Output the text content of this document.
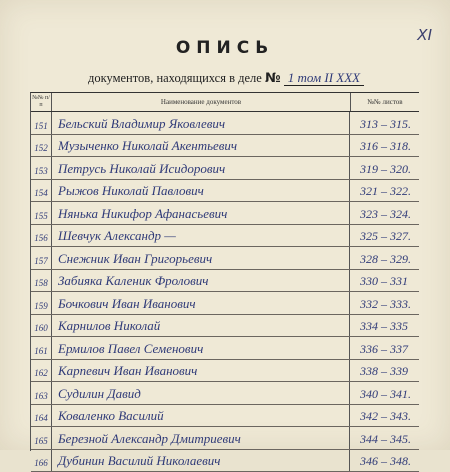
XI
ОПИСЬ
документов, находящихся в деле № 1 том II XXX
№№ п/п	Наименование документов	№№ листов
151 Бельский Владимир Яковлевич	313 – 315.
152 Музыченко Николай Акентьевич	316 – 318.
153 Петрусь Николай Исидорович	319 – 320.
154 Рыжов Николай Павлович	321 – 322.
155 Нянька Никифор Афанасьевич	323 – 324.
156 Шевчук Александр —	325 – 327.
157 Снежник Иван Григорьевич	328 – 329.
158 Забияка Каленик Фролович	330 – 331
159 Бочкович Иван Иванович	332 – 333.
160 Карнилов Николай	334 – 335
161 Ермилов Павел Семенович	336 – 337
162 Карпевич Иван Иванович	338 – 339
163 Судилин Давид	340 – 341.
164 Коваленко Василий	342 – 343.
165 Березной Александр Дмитриевич	344 – 345.
166 Дубинин Василий Николаевич	346 – 348.
